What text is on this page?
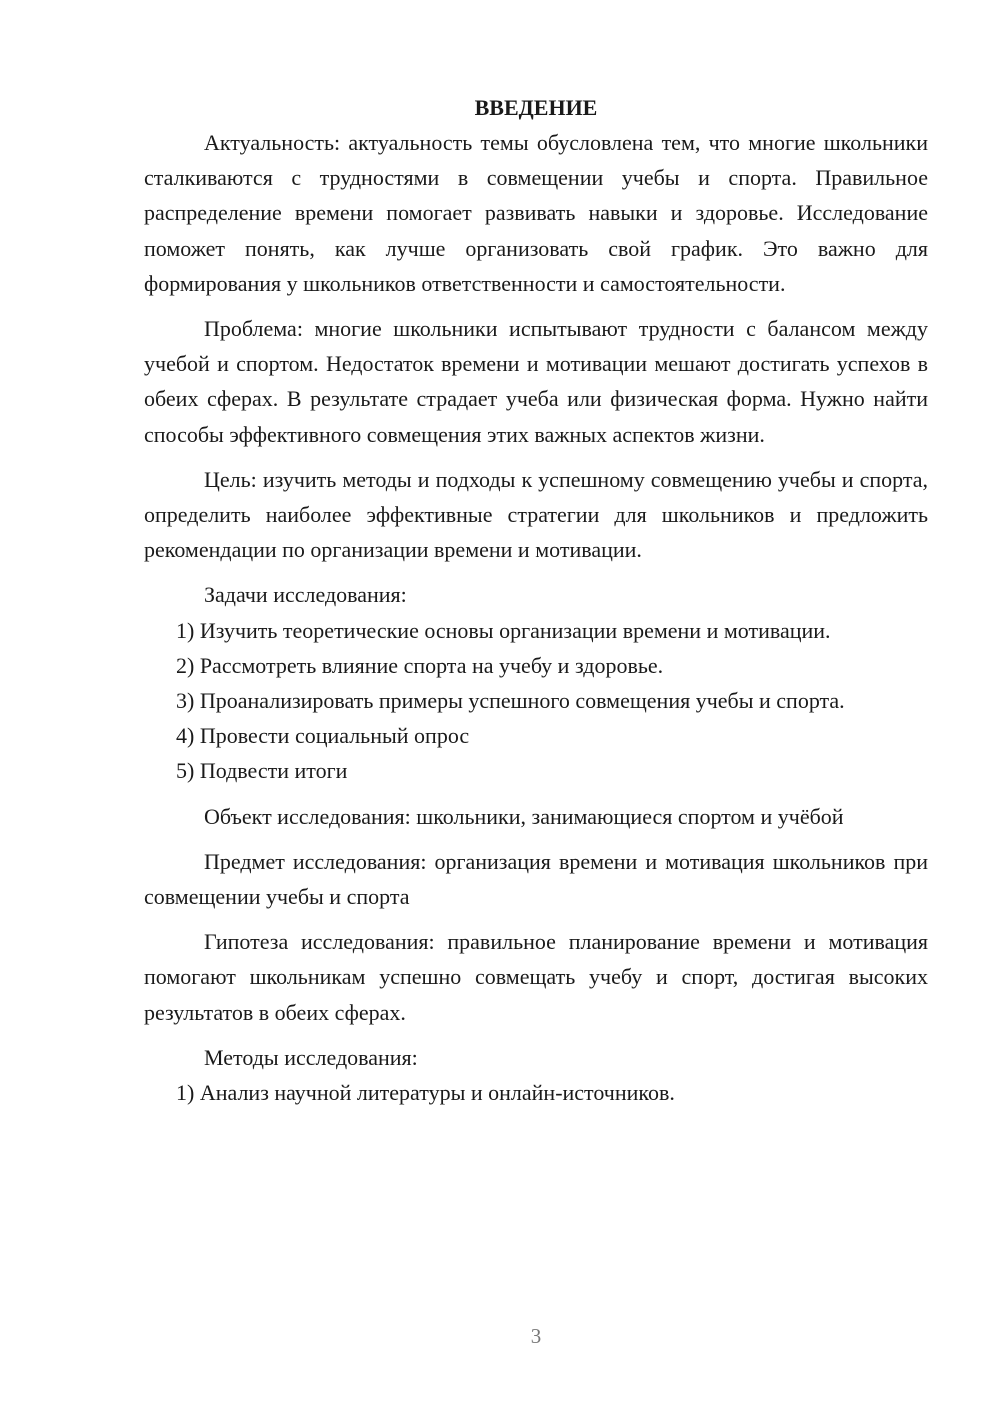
ВВЕДЕНИЕ

Актуальность: актуальность темы обусловлена тем, что многие школьники сталкиваются с трудностями в совмещении учебы и спорта. Правильное распределение времени помогает развивать навыки и здоровье. Исследование поможет понять, как лучше организовать свой график. Это важно для формирования у школьников ответственности и самостоятельности.

Проблема: многие школьники испытывают трудности с балансом между учебой и спортом. Недостаток времени и мотивации мешают достигать успехов в обеих сферах. В результате страдает учеба или физическая форма. Нужно найти способы эффективного совмещения этих важных аспектов жизни.

Цель: изучить методы и подходы к успешному совмещению учебы и спорта, определить наиболее эффективные стратегии для школьников и предложить рекомендации по организации времени и мотивации.

Задачи исследования:

1) Изучить теоретические основы организации времени и мотивации.

2) Рассмотреть влияние спорта на учебу и здоровье.

3) Проанализировать примеры успешного совмещения учебы и спорта.

4) Провести социальный опрос

5) Подвести итоги

Объект исследования: школьники, занимающиеся спортом и учёбой

Предмет исследования: организация времени и мотивация школьников при совмещении учебы и спорта

Гипотеза исследования: правильное планирование времени и мотивация помогают школьникам успешно совмещать учебу и спорт, достигая высоких результатов в обеих сферах.

Методы исследования:

1) Анализ научной литературы и онлайн-источников.

3
